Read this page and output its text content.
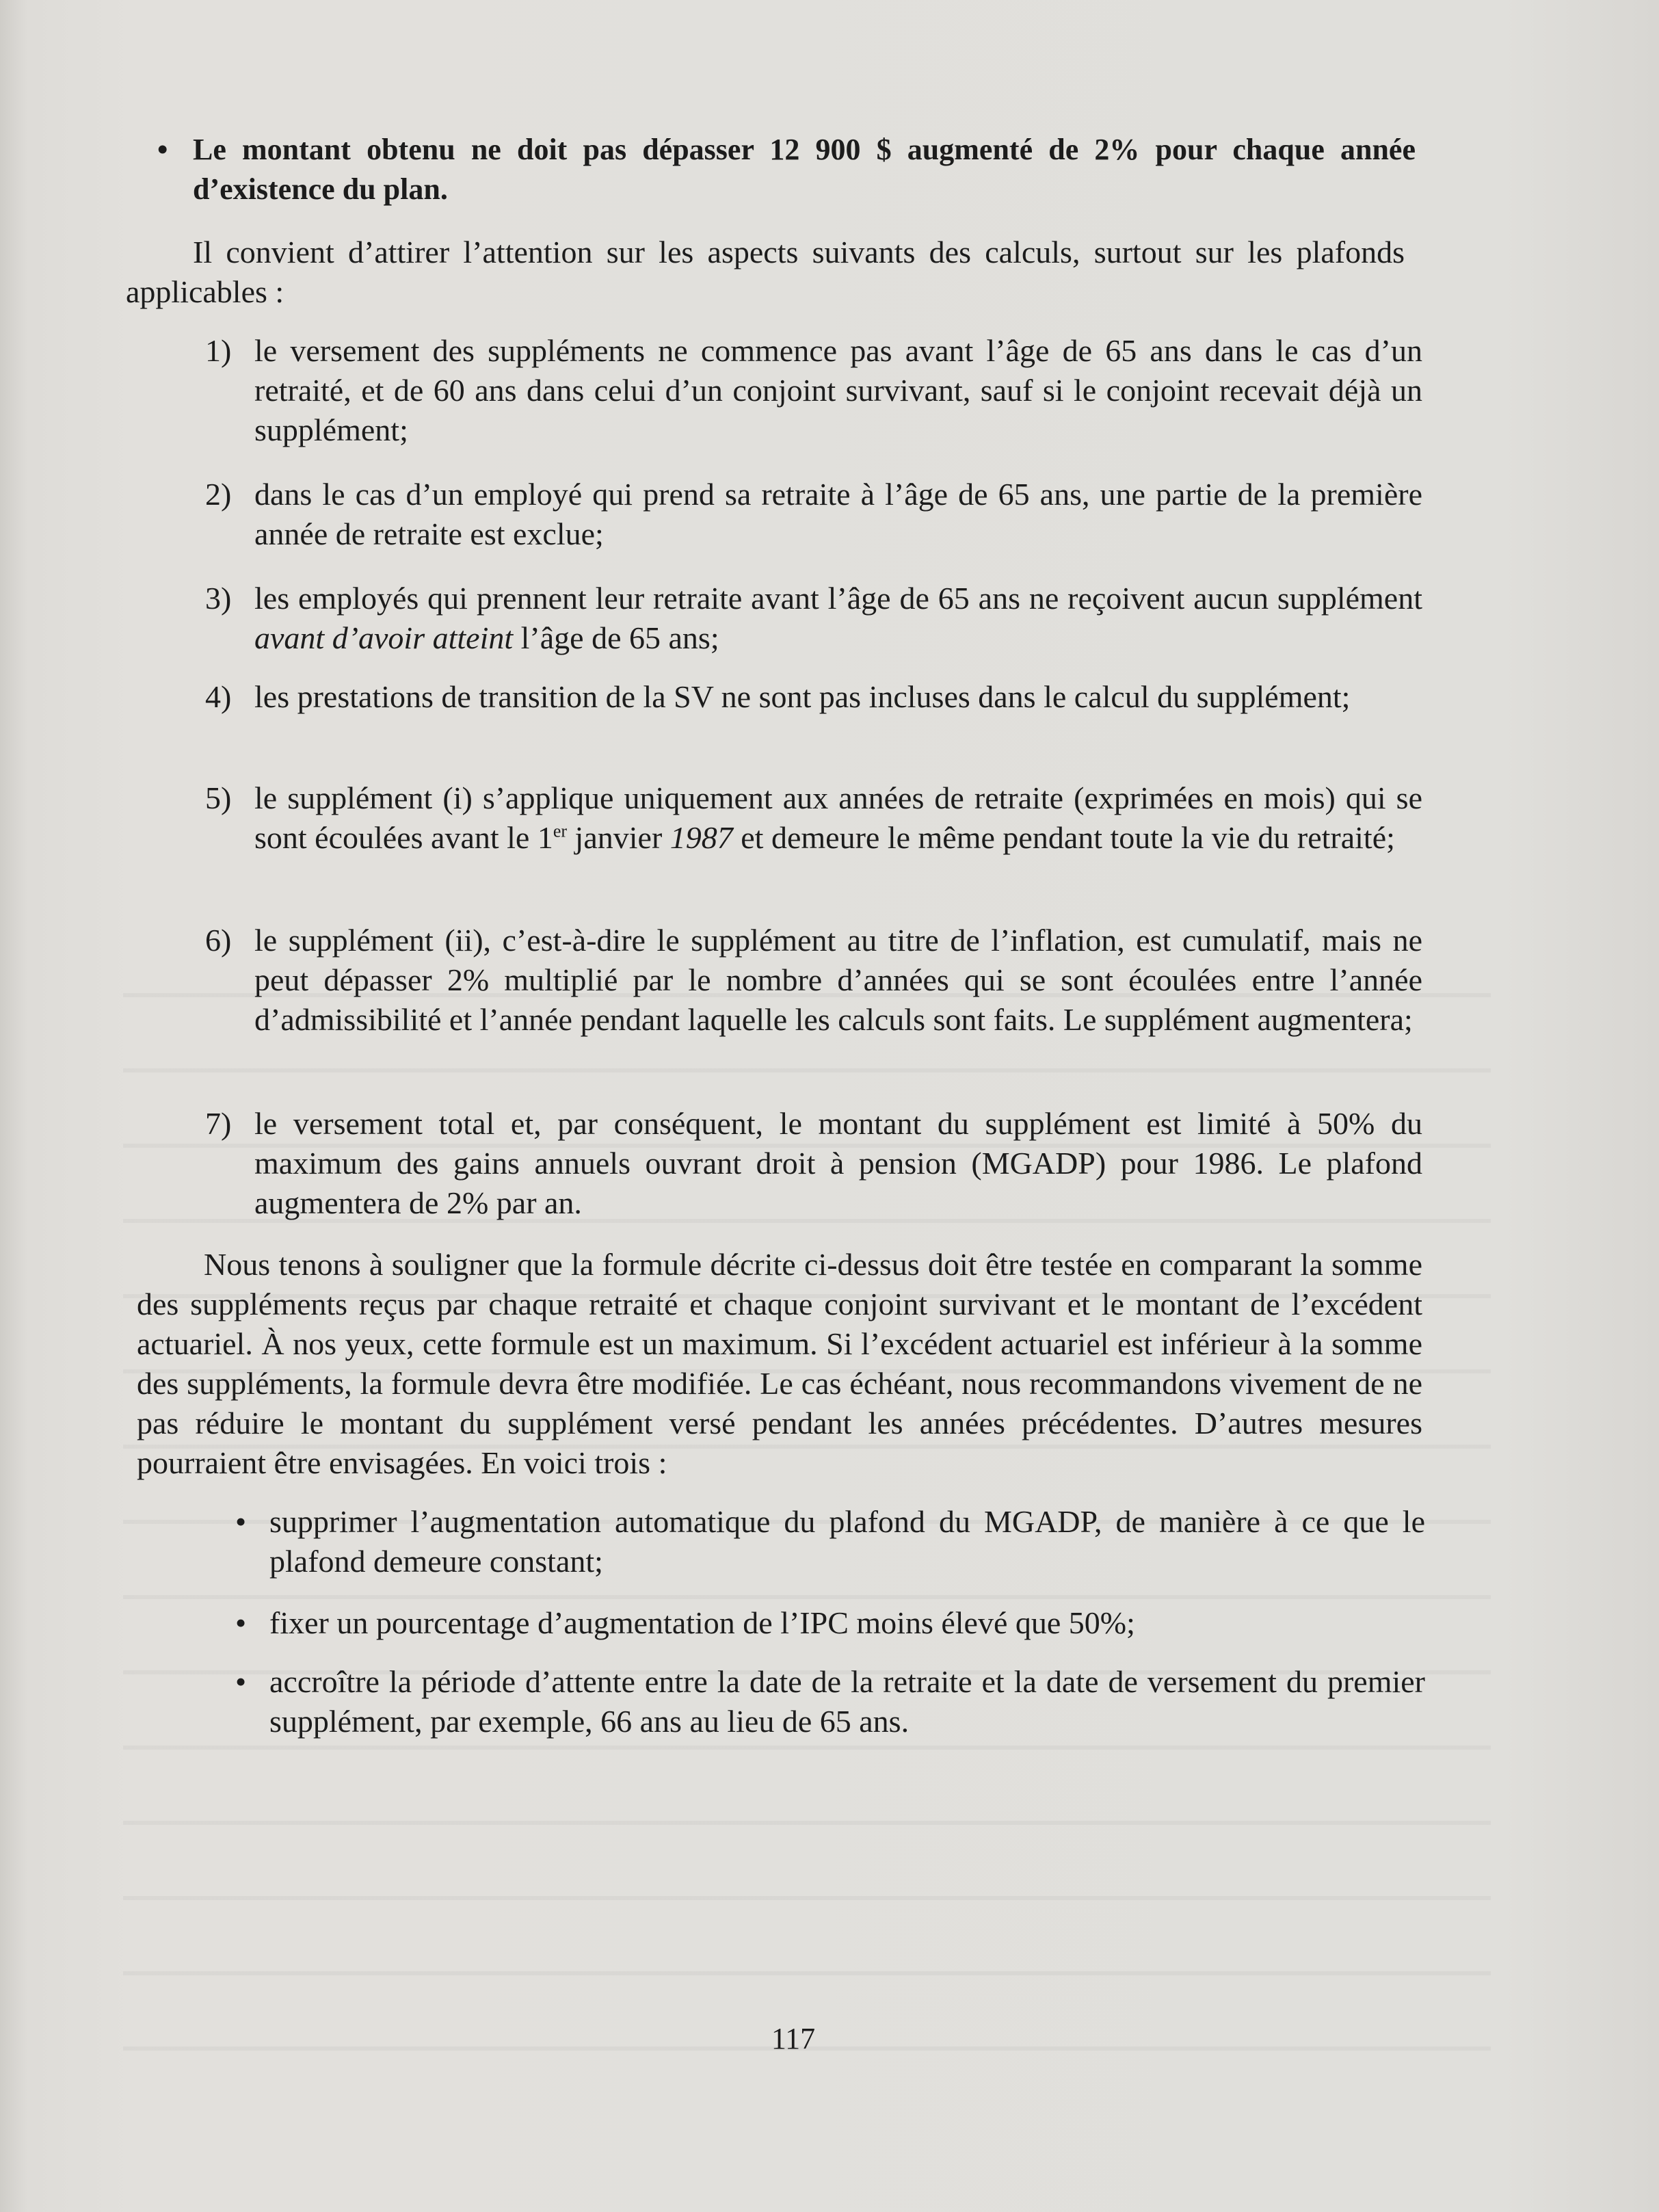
• Le montant obtenu ne doit pas dépasser 12 900 $ augmenté de 2% pour chaque année d’existence du plan.
Il convient d’attirer l’attention sur les aspects suivants des calculs, surtout sur les plafonds applicables :
1) le versement des suppléments ne commence pas avant l’âge de 65 ans dans le cas d’un retraité, et de 60 ans dans celui d’un conjoint survivant, sauf si le conjoint recevait déjà un supplément;
2) dans le cas d’un employé qui prend sa retraite à l’âge de 65 ans, une partie de la première année de retraite est exclue;
3) les employés qui prennent leur retraite avant l’âge de 65 ans ne reçoivent aucun supplément avant d’avoir atteint l’âge de 65 ans;
4) les prestations de transition de la SV ne sont pas incluses dans le calcul du supplément;
5) le supplément (i) s’applique uniquement aux années de retraite (exprimées en mois) qui se sont écoulées avant le 1er janvier 1987 et demeure le même pendant toute la vie du retraité;
6) le supplément (ii), c’est-à-dire le supplément au titre de l’inflation, est cumulatif, mais ne peut dépasser 2% multiplié par le nombre d’années qui se sont écoulées entre l’année d’admissibilité et l’année pendant laquelle les calculs sont faits. Le supplément augmentera;
7) le versement total et, par conséquent, le montant du supplément est limité à 50% du maximum des gains annuels ouvrant droit à pension (MGADP) pour 1986. Le plafond augmentera de 2% par an.
Nous tenons à souligner que la formule décrite ci-dessus doit être testée en comparant la somme des suppléments reçus par chaque retraité et chaque conjoint survivant et le montant de l’excédent actuariel. À nos yeux, cette formule est un maximum. Si l’excédent actuariel est inférieur à la somme des suppléments, la formule devra être modifiée. Le cas échéant, nous recommandons vivement de ne pas réduire le montant du supplément versé pendant les années précédentes. D’autres mesures pourraient être envisagées. En voici trois :
• supprimer l’augmentation automatique du plafond du MGADP, de manière à ce que le plafond demeure constant;
• fixer un pourcentage d’augmentation de l’IPC moins élevé que 50%;
• accroître la période d’attente entre la date de la retraite et la date de versement du premier supplément, par exemple, 66 ans au lieu de 65 ans.
117
